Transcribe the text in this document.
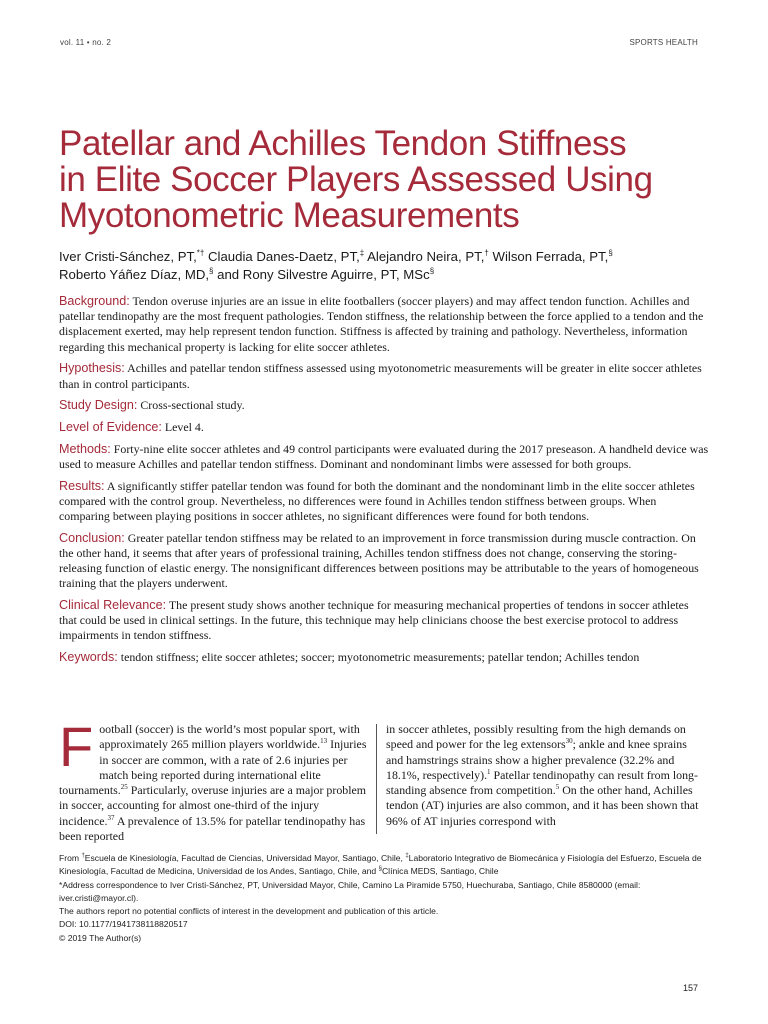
vol. 11 • no. 2	SPORTS HEALTH
Patellar and Achilles Tendon Stiffness
in Elite Soccer Players Assessed Using
Myotonometric Measurements
Iver Cristi-Sánchez, PT,*† Claudia Danes-Daetz, PT,‡ Alejandro Neira, PT,† Wilson Ferrada, PT,§
Roberto Yáñez Díaz, MD,§ and Rony Silvestre Aguirre, PT, MSc§

Background: Tendon overuse injuries are an issue in elite footballers (soccer players) and may affect tendon function. Achilles and patellar tendinopathy are the most frequent pathologies. Tendon stiffness, the relationship between the force applied to a tendon and the displacement exerted, may help represent tendon function. Stiffness is affected by training and pathology. Nevertheless, information regarding this mechanical property is lacking for elite soccer athletes.

Hypothesis: Achilles and patellar tendon stiffness assessed using myotonometric measurements will be greater in elite soccer athletes than in control participants.

Study Design: Cross-sectional study.

Level of Evidence: Level 4.

Methods: Forty-nine elite soccer athletes and 49 control participants were evaluated during the 2017 preseason. A handheld device was used to measure Achilles and patellar tendon stiffness. Dominant and nondominant limbs were assessed for both groups.

Results: A significantly stiffer patellar tendon was found for both the dominant and the nondominant limb in the elite soccer athletes compared with the control group. Nevertheless, no differences were found in Achilles tendon stiffness between groups. When comparing between playing positions in soccer athletes, no significant differences were found for both tendons.

Conclusion: Greater patellar tendon stiffness may be related to an improvement in force transmission during muscle contraction. On the other hand, it seems that after years of professional training, Achilles tendon stiffness does not change, conserving the storing-releasing function of elastic energy. The nonsignificant differences between positions may be attributable to the years of homogeneous training that the players underwent.

Clinical Relevance: The present study shows another technique for measuring mechanical properties of tendons in soccer athletes that could be used in clinical settings. In the future, this technique may help clinicians choose the best exercise protocol to address impairments in tendon stiffness.

Keywords: tendon stiffness; elite soccer athletes; soccer; myotonometric measurements; patellar tendon; Achilles tendon

Football (soccer) is the world’s most popular sport, with approximately 265 million players worldwide.$^{13}$ Injuries in soccer are common, with a rate of 2.6 injuries per match being reported during international elite tournaments.$^{25}$ Particularly, overuse injuries are a major problem in soccer, accounting for almost one-third of the injury incidence.$^{37}$ A prevalence of 13.5% for patellar tendinopathy has been reported

in soccer athletes, possibly resulting from the high demands on speed and power for the leg extensors$^{30}$; ankle and knee sprains and hamstrings strains show a higher prevalence (32.2% and 18.1%, respectively).$^1$ Patellar tendinopathy can result from long-standing absence from competition.$^5$ On the other hand, Achilles tendon (AT) injuries are also common, and it has been shown that 96% of AT injuries correspond with

From †Escuela de Kinesiología, Facultad de Ciencias, Universidad Mayor, Santiago, Chile, ‡Laboratorio Integrativo de Biomecánica y Fisiología del Esfuerzo, Escuela de Kinesiología, Facultad de Medicina, Universidad de los Andes, Santiago, Chile, and §Clínica MEDS, Santiago, Chile
*Address correspondence to Iver Cristi-Sánchez, PT, Universidad Mayor, Chile, Camino La Piramide 5750, Huechuraba, Santiago, Chile 8580000 (email: iver.cristi@mayor.cl).
The authors report no potential conflicts of interest in the development and publication of this article.
DOI: 10.1177/1941738118820517
© 2019 The Author(s)
157
